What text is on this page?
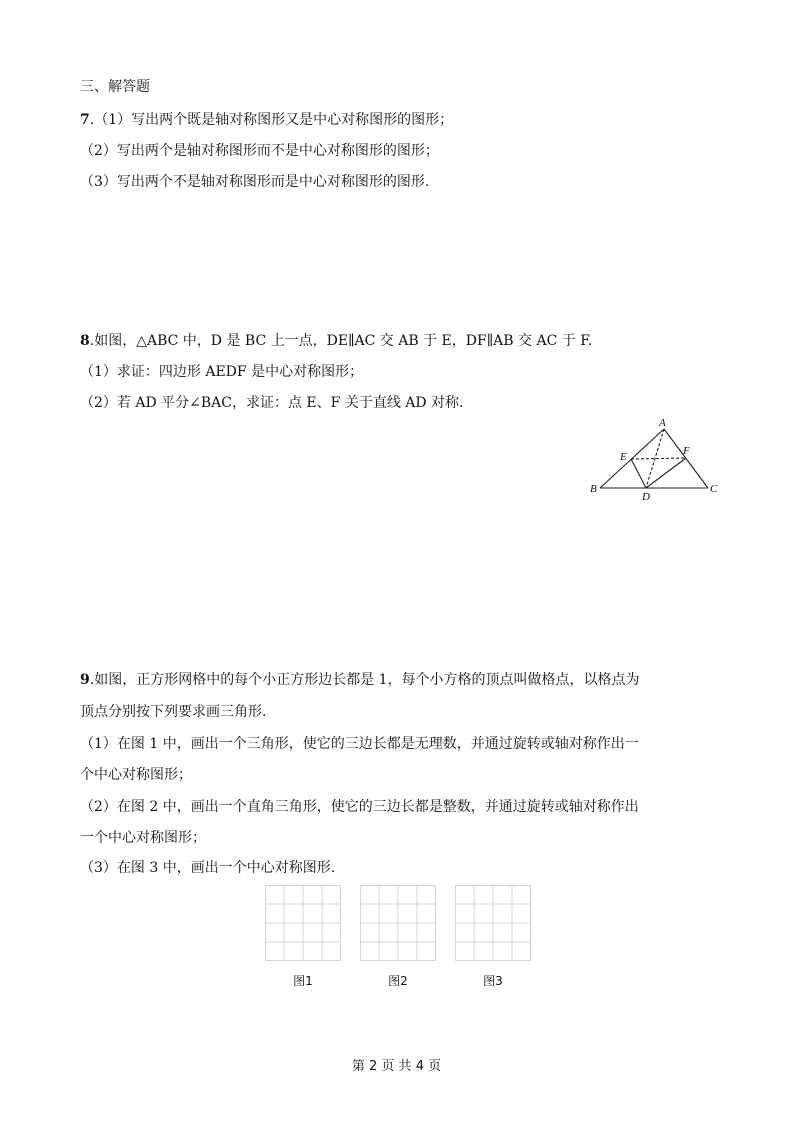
三、解答题
7.（1）写出两个既是轴对称图形又是中心对称图形的图形；
（2）写出两个是轴对称图形而不是中心对称图形的图形；
（3）写出两个不是轴对称图形而是中心对称图形的图形.
8.如图，△ABC 中，D 是 BC 上一点，DE∥AC 交 AB 于 E，DF∥AB 交 AC 于 F.
（1）求证：四边形 AEDF 是中心对称图形；
（2）若 AD 平分∠BAC，求证：点 E、F 关于直线 AD 对称.
A
B	C
D
E	F
9.如图，正方形网格中的每个小正方形边长都是 1，每个小方格的顶点叫做格点，以格点为
顶点分别按下列要求画三角形.
（1）在图 1 中，画出一个三角形，使它的三边长都是无理数，并通过旋转或轴对称作出一
个中心对称图形；
（2）在图 2 中，画出一个直角三角形，使它的三边长都是整数，并通过旋转或轴对称作出
一个中心对称图形；
（3）在图 3 中，画出一个中心对称图形.
图1	图2	图3
第 2 页 共 4 页
